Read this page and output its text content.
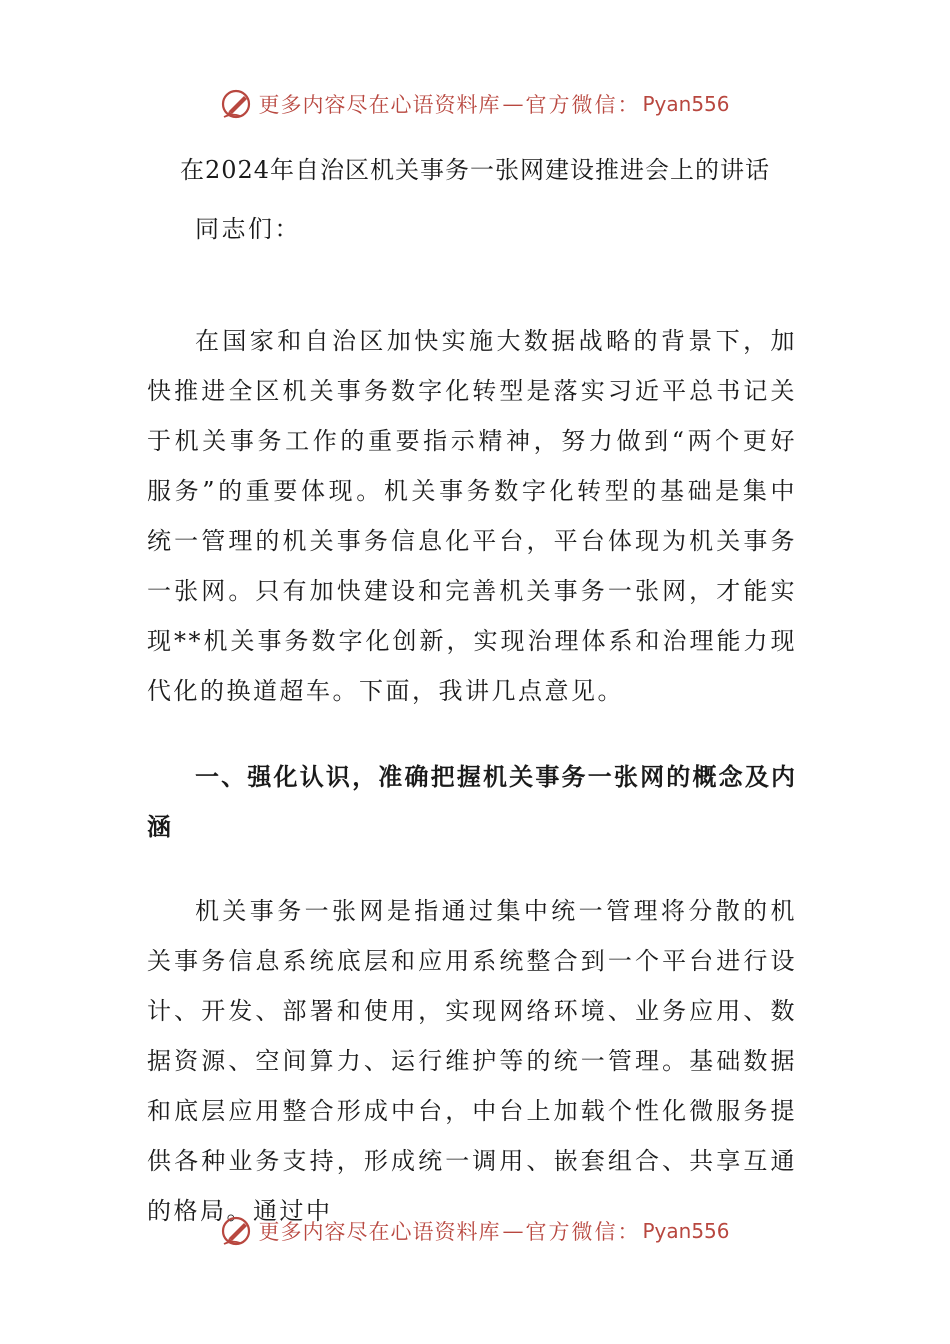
更多内容尽在心语资料库 — 官方微信： Pyan556
在2024年自治区机关事务一张网建设推进会上的讲话

同志们：

在国家和自治区加快实施大数据战略的背景下，加快推进全区机关事务数字化转型是落实习近平总书记关于机关事务工作的重要指示精神，努力做到“两个更好服务”的重要体现。机关事务数字化转型的基础是集中统一管理的机关事务信息化平台，平台体现为机关事务一张网。只有加快建设和完善机关事务一张网，才能实现**机关事务数字化创新，实现治理体系和治理能力现代化的换道超车。下面，我讲几点意见。

一、强化认识，准确把握机关事务一张网的概念及内涵

机关事务一张网是指通过集中统一管理将分散的机关事务信息系统底层和应用系统整合到一个平台进行设计、开发、部署和使用，实现网络环境、业务应用、数据资源、空间算力、运行维护等的统一管理。基础数据和底层应用整合形成中台，中台上加载个性化微服务提供各种业务支持，形成统一调用、嵌套组合、共享互通的格局。通过中

更多内容尽在心语资料库 — 官方微信： Pyan556
